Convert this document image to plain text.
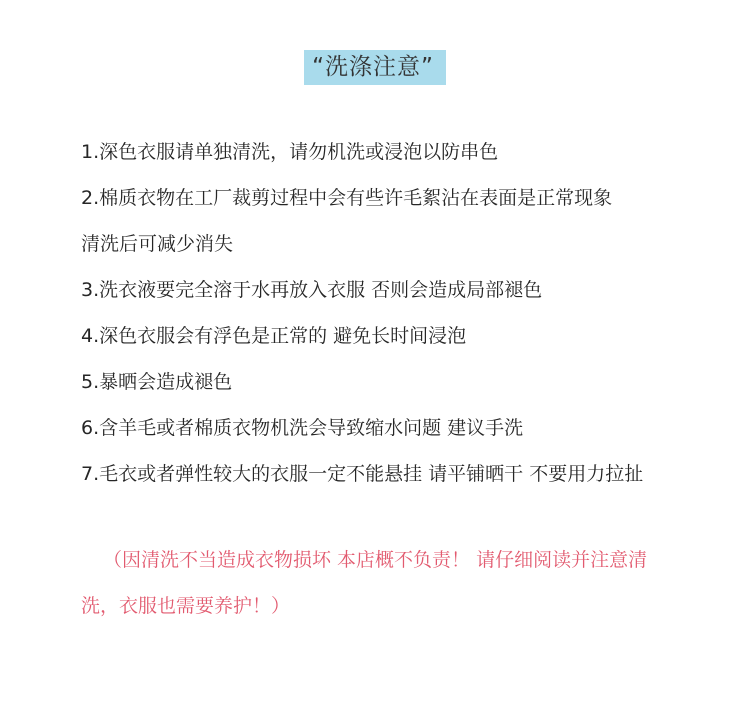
“洗涤注意”
1.深色衣服请单独清洗，请勿机洗或浸泡以防串色
2.棉质衣物在工厂裁剪过程中会有些许毛絮沾在表面是正常现象
清洗后可减少消失
3.洗衣液要完全溶于水再放入衣服 否则会造成局部褪色
4.深色衣服会有浮色是正常的 避免长时间浸泡
5.暴晒会造成褪色
6.含羊毛或者棉质衣物机洗会导致缩水问题 建议手洗
7.毛衣或者弹性较大的衣服一定不能悬挂 请平铺晒干 不要用力拉扯
（因清洗不当造成衣物损坏 本店概不负责！ 请仔细阅读并注意清
洗，衣服也需要养护！）
